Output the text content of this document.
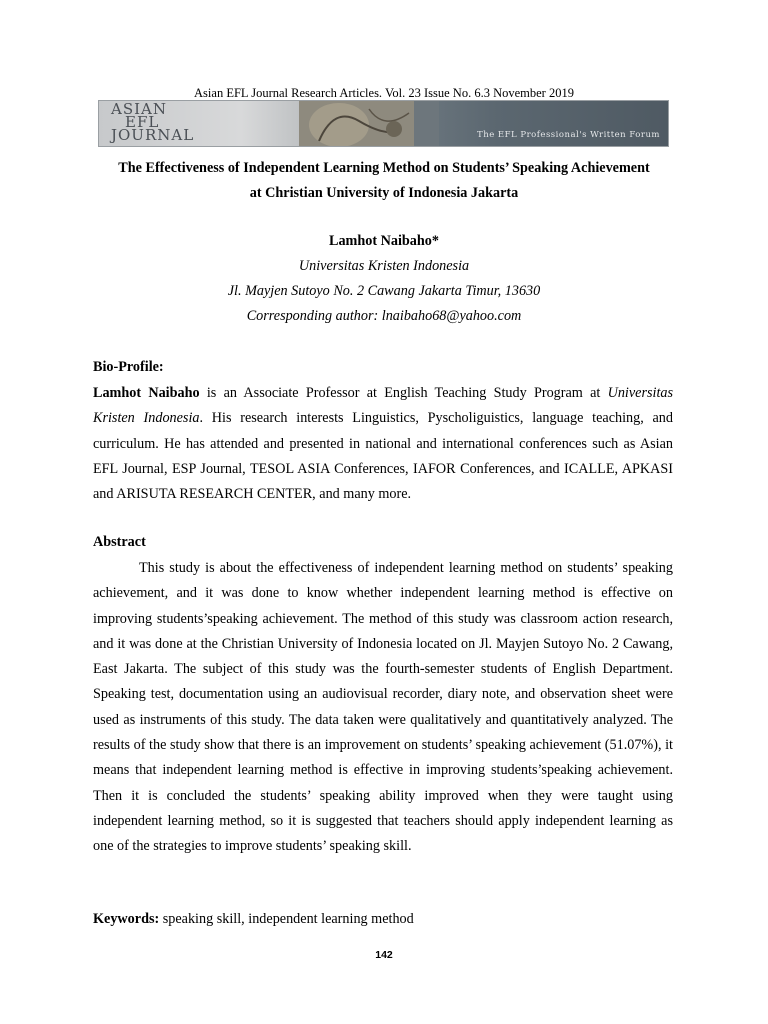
Asian EFL Journal Research Articles. Vol. 23 Issue No. 6.3 November 2019
ASIAN
EFL
JOURNAL	The EFL Professional's Written Forum
The Effectiveness of Independent Learning Method on Students’ Speaking Achievement
at Christian University of Indonesia Jakarta
Lamhot Naibaho*
Universitas Kristen Indonesia
Jl. Mayjen Sutoyo No. 2 Cawang Jakarta Timur, 13630
Corresponding author: lnaibaho68@yahoo.com
Bio-Profile:
Lamhot Naibaho is an Associate Professor at English Teaching Study Program at Universitas Kristen Indonesia. His research interests Linguistics, Pyscholiguistics, language teaching, and curriculum. He has attended and presented in national and international conferences such as Asian EFL Journal, ESP Journal, TESOL ASIA Conferences, IAFOR Conferences, and ICALLE, APKASI and ARISUTA RESEARCH CENTER, and many more.
Abstract

This study is about the effectiveness of independent learning method on students’ speaking achievement, and it was done to know whether independent learning method is effective on improving students’speaking achievement. The method of this study was classroom action research, and it was done at the Christian University of Indonesia located on Jl. Mayjen Sutoyo No. 2 Cawang, East Jakarta. The subject of this study was the fourth-semester students of English Department. Speaking test, documentation using an audiovisual recorder, diary note, and observation sheet were used as instruments of this study. The data taken were qualitatively and quantitatively analyzed. The results of the study show that there is an improvement on students’ speaking achievement (51.07%), it means that independent learning method is effective in improving students’speaking achievement. Then it is concluded the students’ speaking ability improved when they were taught using independent learning method, so it is suggested that teachers should apply independent learning as one of the strategies to improve students’ speaking skill.

Keywords: speaking skill, independent learning method
142
